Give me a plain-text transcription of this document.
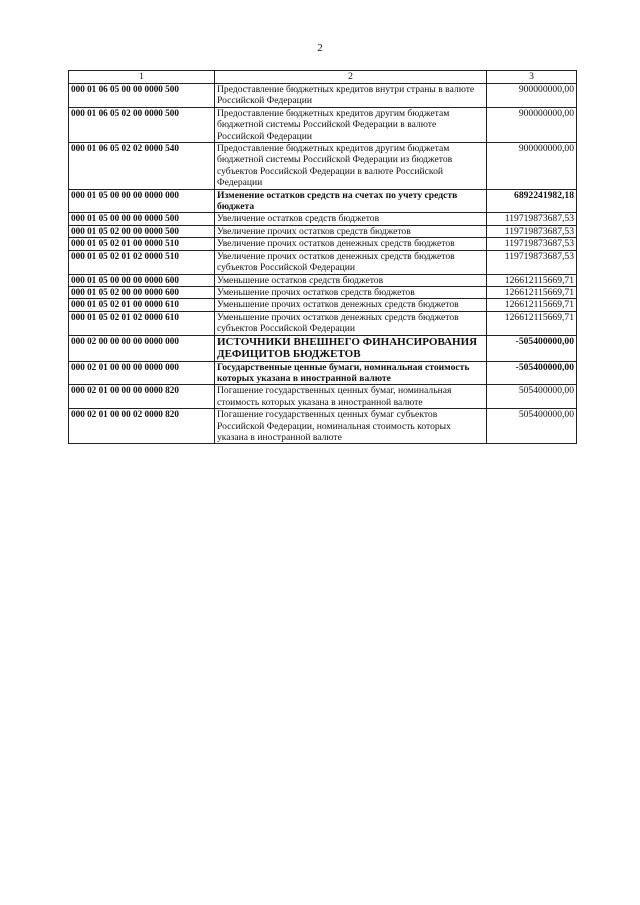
2
1	2	3
000 01 06 05 00 00 0000 500	Предоставление бюджетных кредитов внутри страны в валюте Российской Федерации	900000000,00
000 01 06 05 02 00 0000 500	Предоставление бюджетных кредитов другим бюджетам бюджетной системы Российской Федерации в валюте Российской Федерации	900000000,00
000 01 06 05 02 02 0000 540	Предоставление бюджетных кредитов другим бюджетам бюджетной системы Российской Федерации из бюджетов субъектов Российской Федерации в валюте Российской Федерации	900000000,00
000 01 05 00 00 00 0000 000	Изменение остатков средств на счетах по учету средств бюджета	6892241982,18
000 01 05 00 00 00 0000 500	Увеличение остатков средств бюджетов	119719873687,53
000 01 05 02 00 00 0000 500	Увеличение прочих остатков средств бюджетов	119719873687,53
000 01 05 02 01 00 0000 510	Увеличение прочих остатков денежных средств бюджетов	119719873687,53
000 01 05 02 01 02 0000 510	Увеличение прочих остатков денежных средств бюджетов субъектов Российской Федерации	119719873687,53
000 01 05 00 00 00 0000 600	Уменьшение остатков средств бюджетов	126612115669,71
000 01 05 02 00 00 0000 600	Уменьшение прочих остатков средств бюджетов	126612115669,71
000 01 05 02 01 00 0000 610	Уменьшение прочих остатков денежных средств бюджетов	126612115669,71
000 01 05 02 01 02 0000 610	Уменьшение прочих остатков денежных средств бюджетов субъектов Российской Федерации	126612115669,71
000 02 00 00 00 00 0000 000	ИСТОЧНИКИ ВНЕШНЕГО ФИНАНСИРОВАНИЯ ДЕФИЦИТОВ БЮДЖЕТОВ	-505400000,00
000 02 01 00 00 00 0000 000	Государственные ценные бумаги, номинальная стоимость которых указана в иностранной валюте	-505400000,00
000 02 01 00 00 00 0000 820	Погашение государственных ценных бумаг, номинальная стоимость которых указана в иностранной валюте	505400000,00
000 02 01 00 00 02 0000 820	Погашение государственных ценных бумаг субъектов Российской Федерации, номинальная стоимость которых указана в иностранной валюте	505400000,00
